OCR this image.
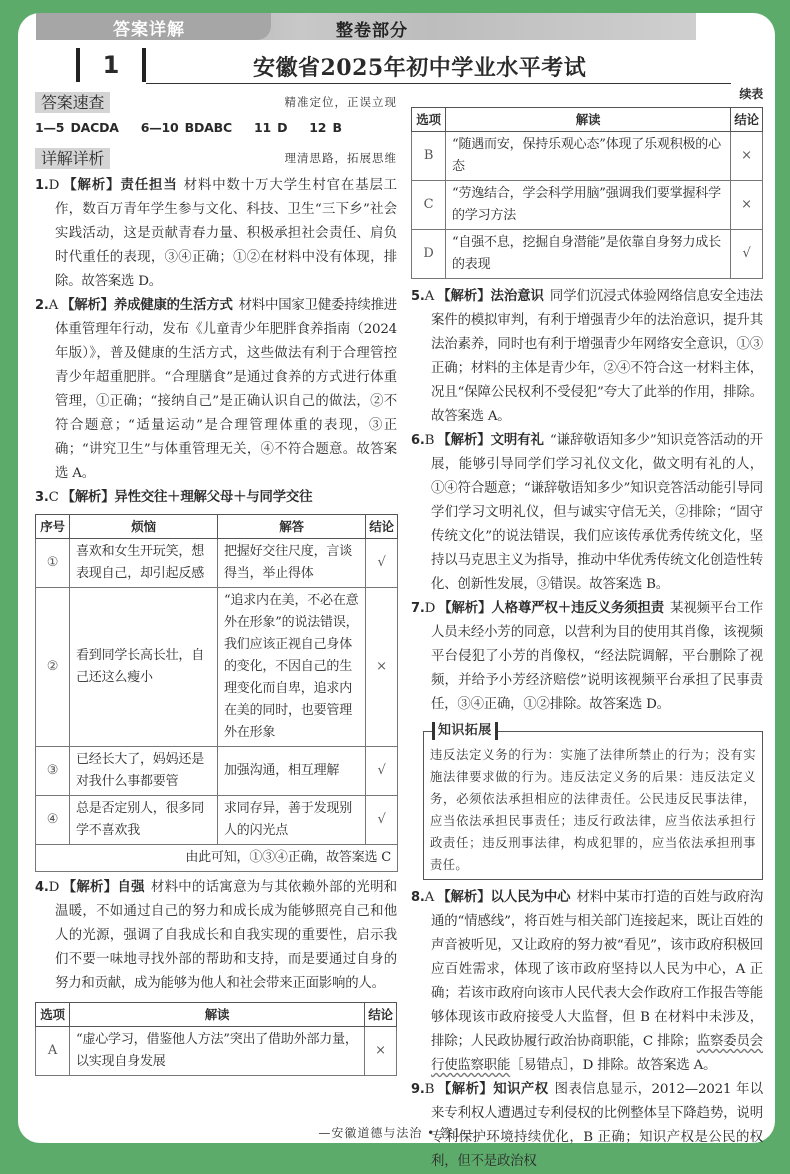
答案详解	整卷部分
1	安徽省2025年初中学业水平考试
答案速查	精准定位，正误立现
1—5 DACDA 6—10 BDABC 11 D 12 B
详解详析	理清思路，拓展思维

1.D 【解析】责任担当 材料中数十万大学生村官在基层工作，数百万青年学生参与文化、科技、卫生“三下乡”社会实践活动，这是贡献青春力量、积极承担社会责任、肩负时代重任的表现，③④正确；①②在材料中没有体现，排除。故答案选 D。

2.A 【解析】养成健康的生活方式 材料中国家卫健委持续推进体重管理年行动，发布《儿童青少年肥胖食养指南（2024 年版）》，普及健康的生活方式，这些做法有利于合理管控青少年超重肥胖。“合理膳食”是通过食养的方式进行体重管理，①正确；“接纳自己”是正确认识自己的做法，②不符合题意；“适量运动”是合理管理体重的表现，③正确；“讲究卫生”与体重管理无关，④不符合题意。故答案选 A。

3.C 【解析】异性交往＋理解父母＋与同学交往

序号	烦恼	解答	结论
①	喜欢和女生开玩笑，想表现自己，却引起反感	把握好交往尺度，言谈得当，举止得体	√
②	看到同学长高长壮，自己还这么瘦小	“追求内在美，不必在意外在形象”的说法错误，我们应该正视自己身体的变化，不因自己的生理变化而自卑，追求内在美的同时，也要管理外在形象	×
③	已经长大了，妈妈还是对我什么事都要管	加强沟通，相互理解	√
④	总是否定别人，很多同学不喜欢我	求同存异，善于发现别人的闪光点	√
由此可知，①③④正确，故答案选 C			

4.D 【解析】自强 材料中的话寓意为与其依赖外部的光明和温暖，不如通过自己的努力和成长成为能够照亮自己和他人的光源，强调了自我成长和自我实现的重要性，启示我们不要一味地寻找外部的帮助和支持，而是要通过自身的努力和贡献，成为能够为他人和社会带来正面影响的人。

选项	解读	结论
A	“虚心学习，借鉴他人方法”突出了借助外部力量，以实现自身发展	×
续表
选项	解读	结论
B	“随遇而安，保持乐观心态”体现了乐观积极的心态	×
C	“劳逸结合，学会科学用脑”强调我们要掌握科学的学习方法	×
D	“自强不息，挖掘自身潜能”是依靠自身努力成长的表现	√

5.A 【解析】法治意识 同学们沉浸式体验网络信息安全违法案件的模拟审判，有利于增强青少年的法治意识，提升其法治素养，同时也有利于增强青少年网络安全意识，①③正确；材料的主体是青少年，②④不符合这一材料主体，况且“保障公民权利不受侵犯”夸大了此举的作用，排除。故答案选 A。

6.B 【解析】文明有礼 “谦辞敬语知多少”知识竞答活动的开展，能够引导同学们学习礼仪文化，做文明有礼的人，①④符合题意；“谦辞敬语知多少”知识竞答活动能引导同学们学习文明礼仪，但与诚实守信无关，②排除；“固守传统文化”的说法错误，我们应该传承优秀传统文化，坚持以马克思主义为指导，推动中华优秀传统文化创造性转化、创新性发展，③错误。故答案选 B。

7.D 【解析】人格尊严权＋违反义务须担责 某视频平台工作人员未经小芳的同意，以营利为目的使用其肖像，该视频平台侵犯了小芳的肖像权，“经法院调解，平台删除了视频，并给予小芳经济赔偿”说明该视频平台承担了民事责任，③④正确，①②排除。故答案选 D。

知识拓展
违反法定义务的行为：实施了法律所禁止的行为；没有实施法律要求做的行为。违反法定义务的后果：违反法定义务，必须依法承担相应的法律责任。公民违反民事法律，应当依法承担民事责任；违反行政法律，应当依法承担行政责任；违反刑事法律，构成犯罪的，应当依法承担刑事责任。

8.A 【解析】以人民为中心 材料中某市打造的百姓与政府沟通的“情感线”，将百姓与相关部门连接起来，既让百姓的声音被听见，又让政府的努力被“看见”，该市政府积极回应百姓需求，体现了该市政府坚持以人民为中心，A 正确；若该市政府向该市人民代表大会作政府工作报告等能够体现该市政府接受人大监督，但 B 在材料中未涉及，排除；人民政协履行政治协商职能，C 排除；监察委员会行使监察职能［易错点］，D 排除。故答案选 A。

9.B 【解析】知识产权 图表信息显示，2012—2021 年以来专利权人遭遇过专利侵权的比例整体呈下降趋势，说明专利保护环境持续优化，B 正确；知识产权是公民的权利，但不是政治权

—安徽道德与法治 • 答1—
